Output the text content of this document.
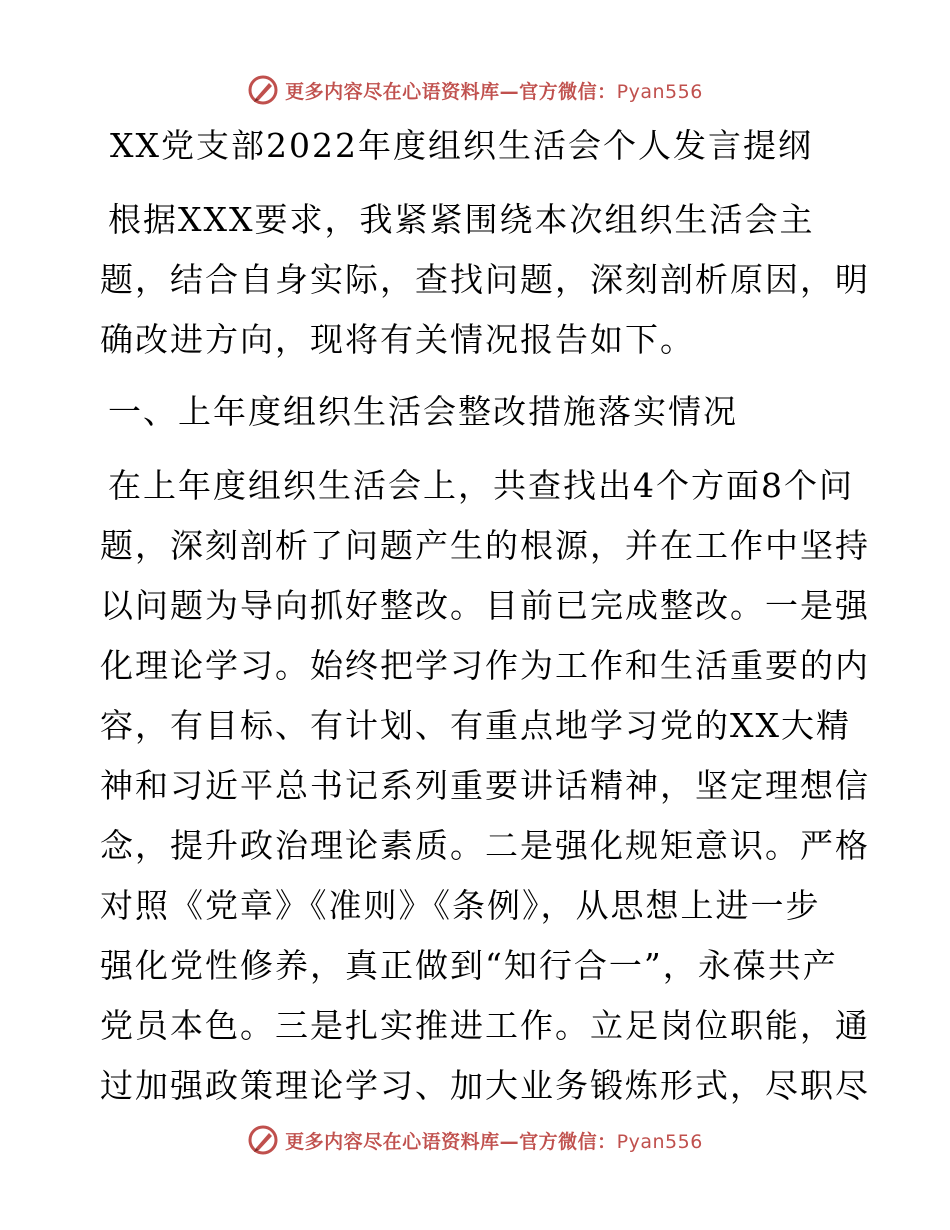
更多内容尽在心语资料库—官方微信：Pyan556
XX党支部2022年度组织生活会个人发言提纲
根据XXX要求，我紧紧围绕本次组织生活会主
题，结合自身实际，查找问题，深刻剖析原因，明
确改进方向，现将有关情况报告如下。
一、上年度组织生活会整改措施落实情况
在上年度组织生活会上，共查找出4个方面8个问
题，深刻剖析了问题产生的根源，并在工作中坚持
以问题为导向抓好整改。目前已完成整改。一是强
化理论学习。始终把学习作为工作和生活重要的内
容，有目标、有计划、有重点地学习党的XX大精
神和习近平总书记系列重要讲话精神，坚定理想信
念，提升政治理论素质。二是强化规矩意识。严格
对照《党章》《准则》《条例》，从思想上进一步
强化党性修养，真正做到“知行合一”，永葆共产
党员本色。三是扎实推进工作。立足岗位职能，通
过加强政策理论学习、加大业务锻炼形式，尽职尽
更多内容尽在心语资料库—官方微信：Pyan556
